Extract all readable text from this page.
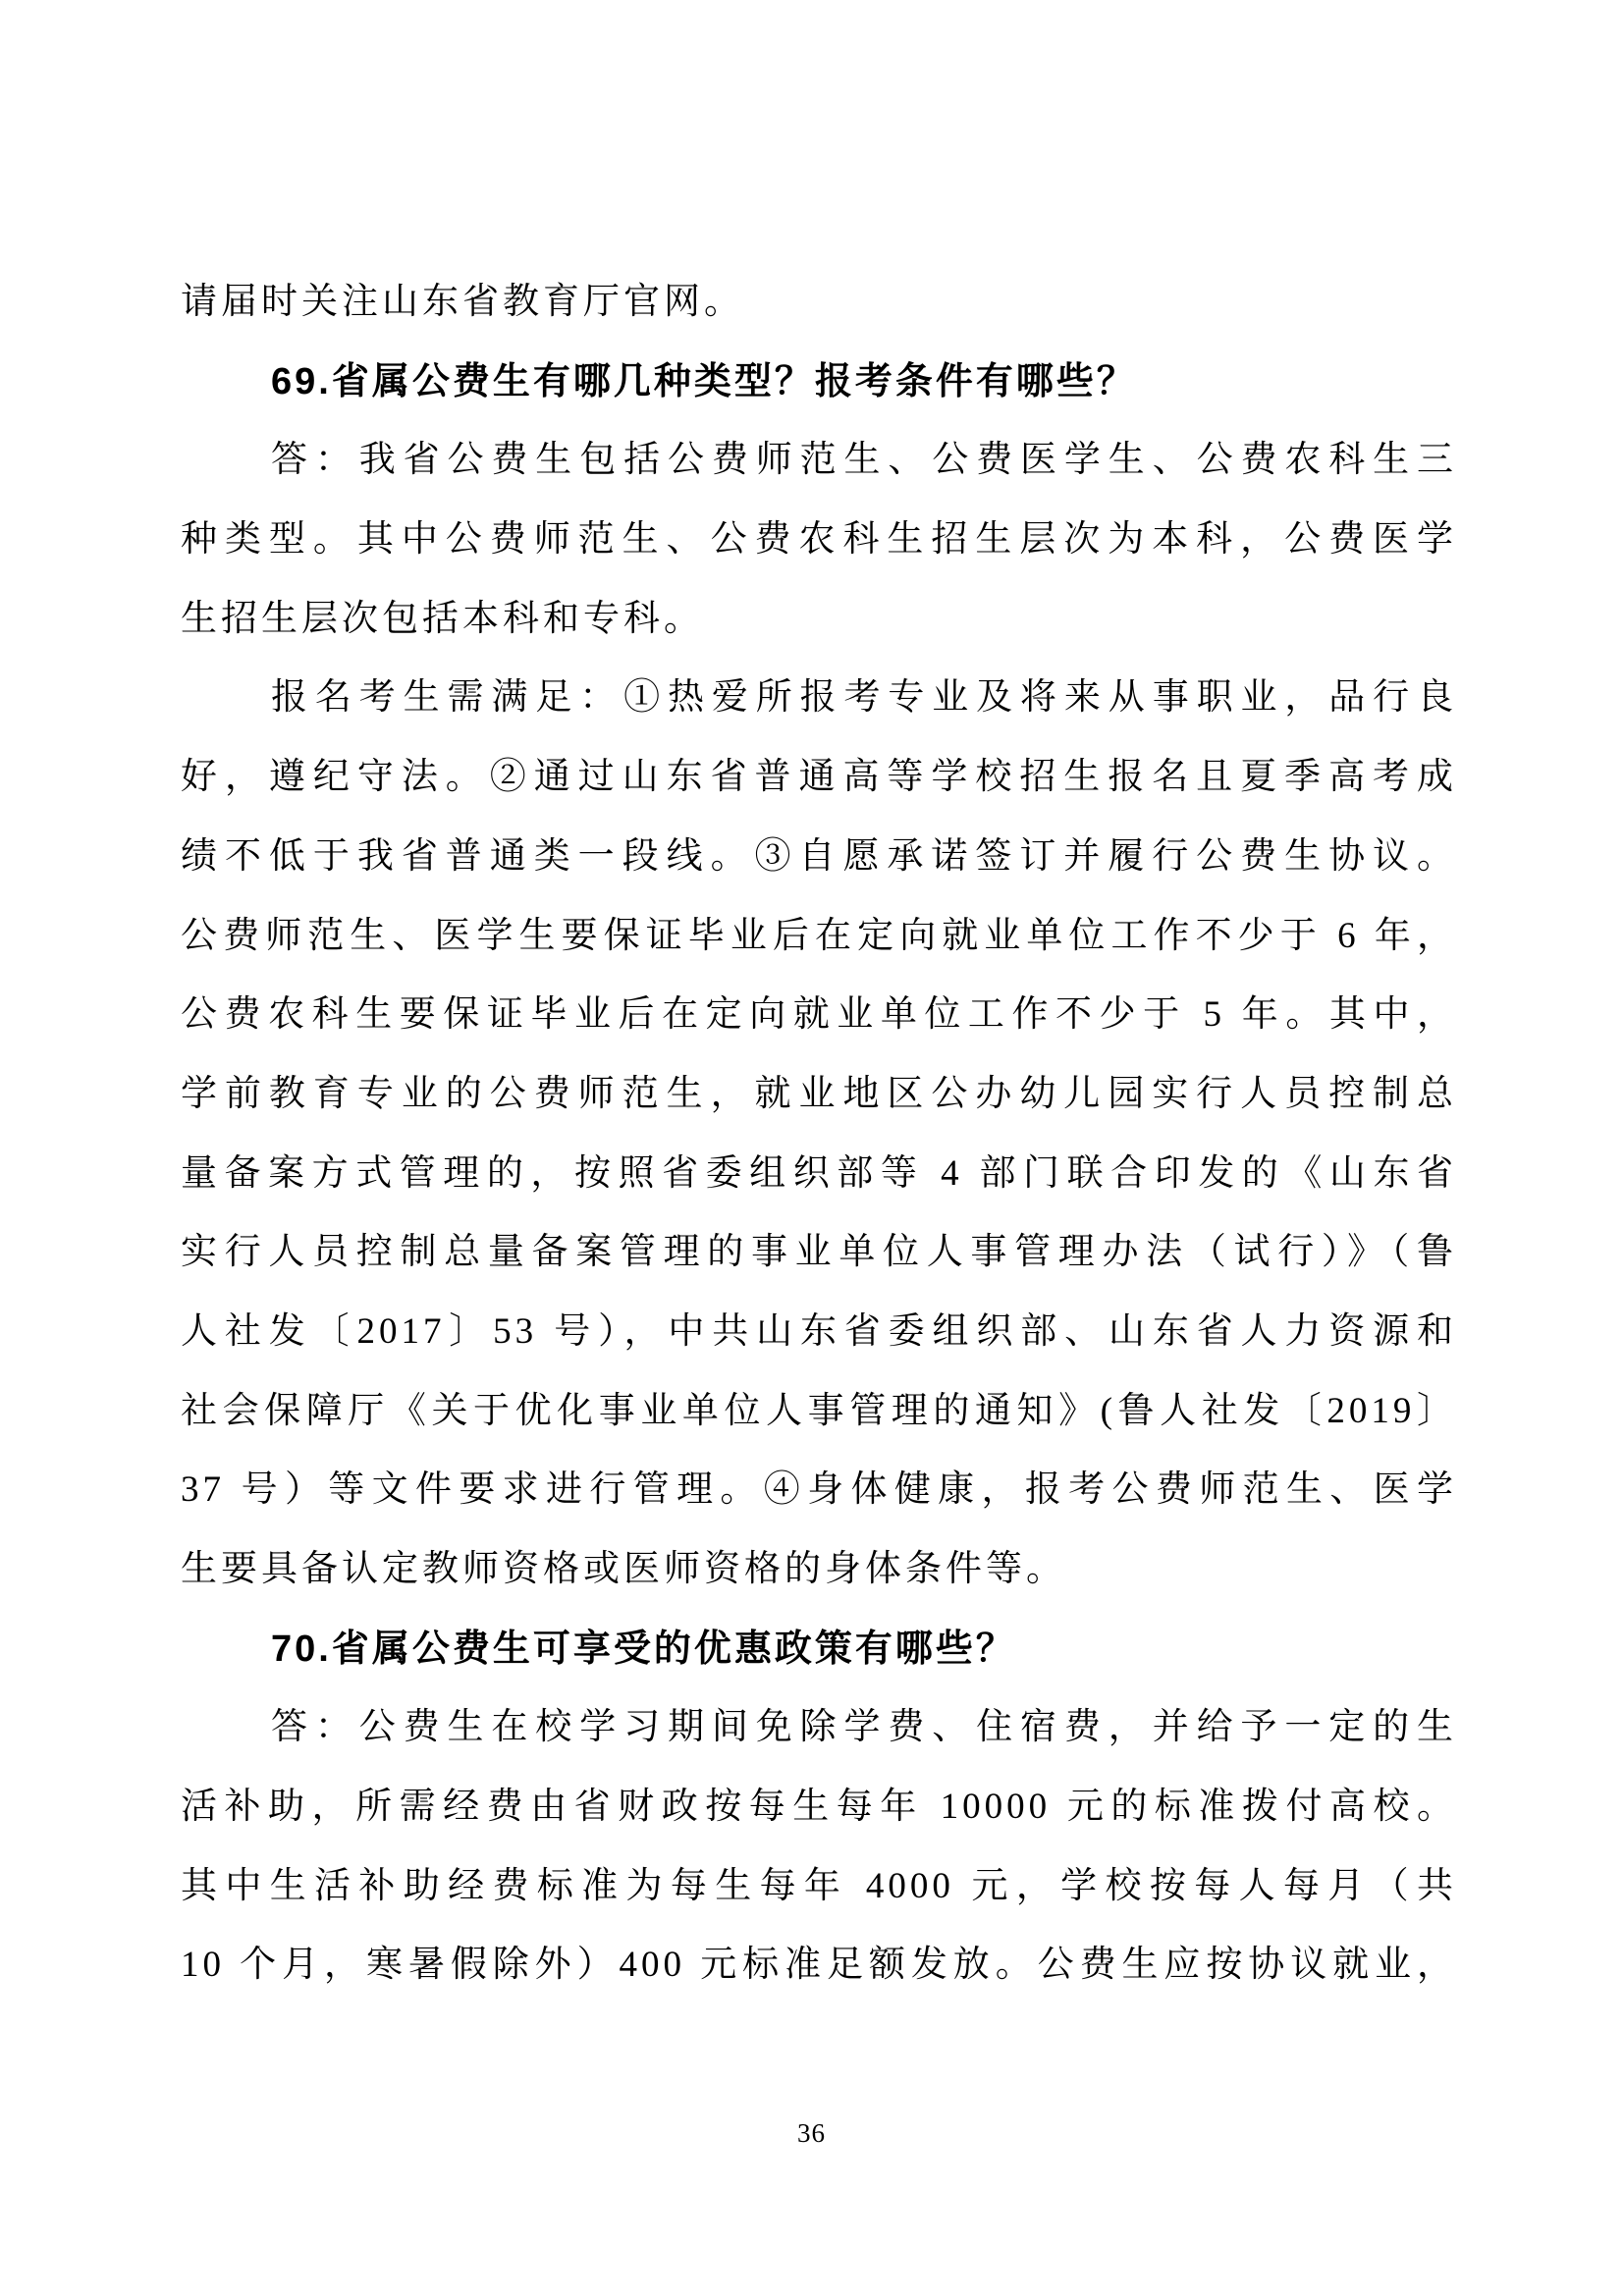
请届时关注山东省教育厅官网。
69.省属公费生有哪几种类型？报考条件有哪些？
答：我省公费生包括公费师范生、公费医学生、公费农科生三
种类型。其中公费师范生、公费农科生招生层次为本科，公费医学
生招生层次包括本科和专科。
报名考生需满足：①热爱所报考专业及将来从事职业，品行良
好，遵纪守法。②通过山东省普通高等学校招生报名且夏季高考成
绩不低于我省普通类一段线。③自愿承诺签订并履行公费生协议。
公费师范生、医学生要保证毕业后在定向就业单位工作不少于 6 年，
公费农科生要保证毕业后在定向就业单位工作不少于 5 年。其中，
学前教育专业的公费师范生，就业地区公办幼儿园实行人员控制总
量备案方式管理的，按照省委组织部等 4 部门联合印发的《山东省
实行人员控制总量备案管理的事业单位人事管理办法（试行）》（鲁
人社发〔2017〕53 号），中共山东省委组织部、山东省人力资源和
社会保障厅《关于优化事业单位人事管理的通知》(鲁人社发〔2019〕
37 号）等文件要求进行管理。④身体健康，报考公费师范生、医学
生要具备认定教师资格或医师资格的身体条件等。
70.省属公费生可享受的优惠政策有哪些？
答：公费生在校学习期间免除学费、住宿费，并给予一定的生
活补助，所需经费由省财政按每生每年 10000 元的标准拨付高校。
其中生活补助经费标准为每生每年 4000 元，学校按每人每月（共
10 个月，寒暑假除外）400 元标准足额发放。公费生应按协议就业，
36
